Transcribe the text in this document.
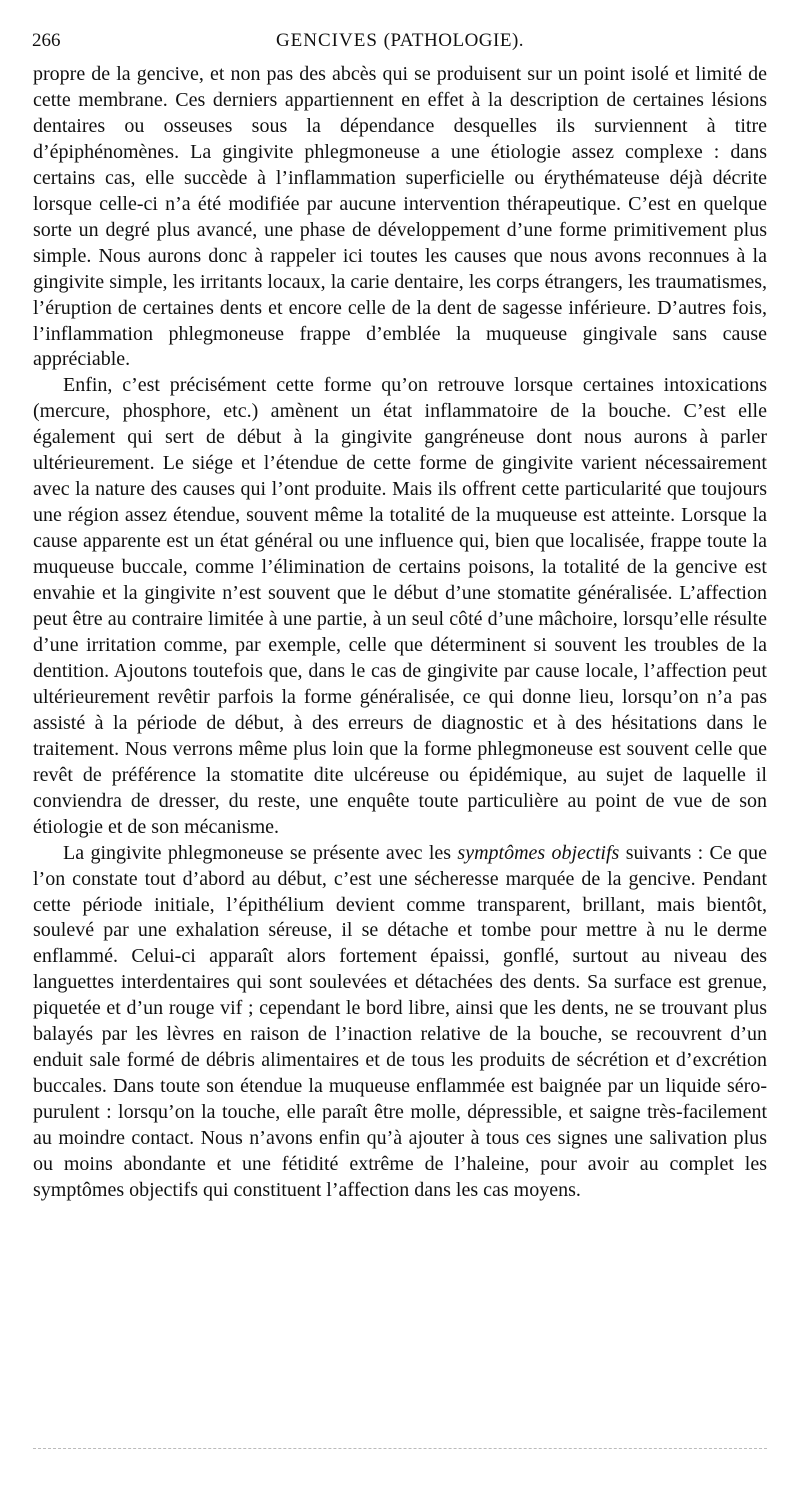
266	GENCIVES (PATHOLOGIE).

propre de la gencive, et non pas des abcès qui se produisent sur un point isolé et limité de cette membrane. Ces derniers appartiennent en effet à la description de certaines lésions dentaires ou osseuses sous la dépendance desquelles ils surviennent à titre d’épiphénomènes. La gingivite phlegmoneuse a une étiologie assez complexe : dans certains cas, elle succède à l’inflammation superficielle ou érythémateuse déjà décrite lorsque celle-ci n’a été modifiée par aucune intervention thérapeutique. C’est en quelque sorte un degré plus avancé, une phase de développement d’une forme primitivement plus simple. Nous aurons donc à rappeler ici toutes les causes que nous avons reconnues à la gingivite simple, les irritants locaux, la carie dentaire, les corps étrangers, les traumatismes, l’éruption de certaines dents et encore celle de la dent de sagesse inférieure. D’autres fois, l’inflammation phlegmoneuse frappe d’emblée la muqueuse gingivale sans cause appréciable.

Enfin, c’est précisément cette forme qu’on retrouve lorsque certaines intoxications (mercure, phosphore, etc.) amènent un état inflammatoire de la bouche. C’est elle également qui sert de début à la gingivite gangréneuse dont nous aurons à parler ultérieurement. Le siége et l’étendue de cette forme de gingivite varient nécessairement avec la nature des causes qui l’ont produite. Mais ils offrent cette particularité que toujours une région assez étendue, souvent même la totalité de la muqueuse est atteinte. Lorsque la cause apparente est un état général ou une influence qui, bien que localisée, frappe toute la muqueuse buccale, comme l’élimination de certains poisons, la totalité de la gencive est envahie et la gingivite n’est souvent que le début d’une stomatite généralisée. L’affection peut être au contraire limitée à une partie, à un seul côté d’une mâchoire, lorsqu’elle résulte d’une irritation comme, par exemple, celle que déterminent si souvent les troubles de la dentition. Ajoutons toutefois que, dans le cas de gingivite par cause locale, l’affection peut ultérieurement revêtir parfois la forme généralisée, ce qui donne lieu, lorsqu’on n’a pas assisté à la période de début, à des erreurs de diagnostic et à des hésitations dans le traitement. Nous verrons même plus loin que la forme phlegmoneuse est souvent celle que revêt de préférence la stomatite dite ulcéreuse ou épidémique, au sujet de laquelle il conviendra de dresser, du reste, une enquête toute particulière au point de vue de son étiologie et de son mécanisme.

La gingivite phlegmoneuse se présente avec les symptômes objectifs suivants : Ce que l’on constate tout d’abord au début, c’est une sécheresse marquée de la gencive. Pendant cette période initiale, l’épithélium devient comme transparent, brillant, mais bientôt, soulevé par une exhalation séreuse, il se détache et tombe pour mettre à nu le derme enflammé. Celui-ci apparaît alors fortement épaissi, gonflé, surtout au niveau des languettes interdentaires qui sont soulevées et détachées des dents. Sa surface est grenue, piquetée et d’un rouge vif ; cependant le bord libre, ainsi que les dents, ne se trouvant plus balayés par les lèvres en raison de l’inaction relative de la bouche, se recouvrent d’un enduit sale formé de débris alimentaires et de tous les produits de sécrétion et d’excrétion buccales. Dans toute son étendue la muqueuse enflammée est baignée par un liquide séro-purulent : lorsqu’on la touche, elle paraît être molle, dépressible, et saigne très-facilement au moindre contact. Nous n’avons enfin qu’à ajouter à tous ces signes une salivation plus ou moins abondante et une fétidité extrême de l’haleine, pour avoir au complet les symptômes objectifs qui constituent l’affection dans les cas moyens.
